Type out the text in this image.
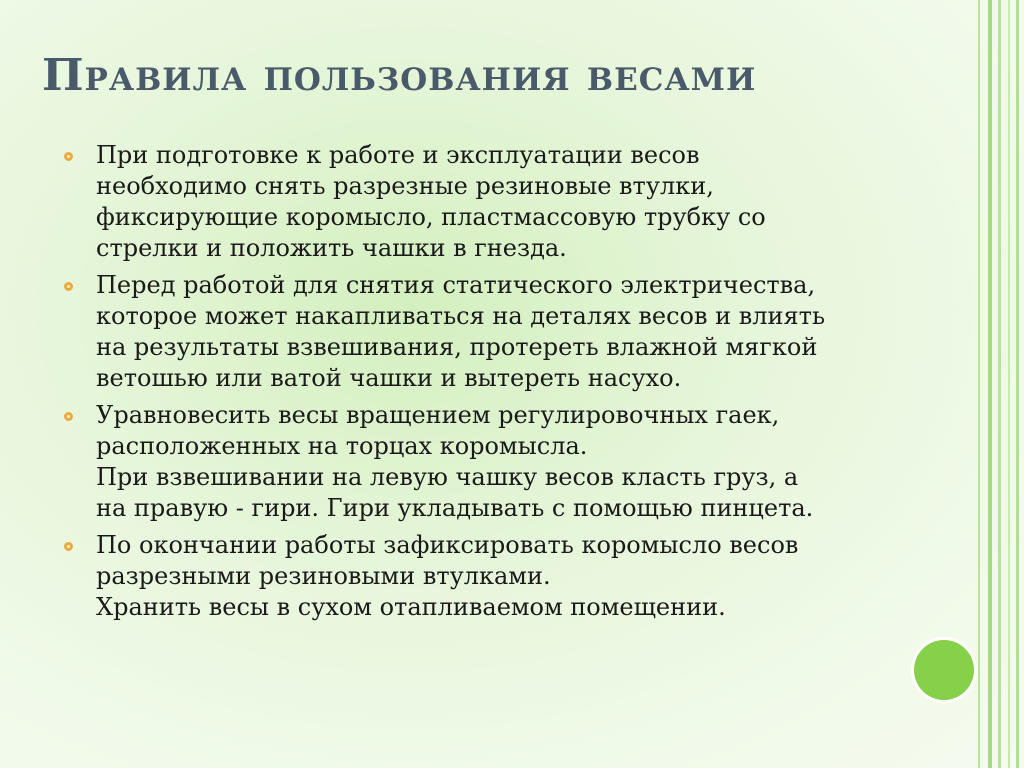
Правила пользования весами
При подготовке к работе и эксплуатации весов
необходимо снять разрезные резиновые втулки,
фиксирующие коромысло, пластмассовую трубку со
стрелки и положить чашки в гнезда.
Перед работой для снятия статического электричества,
которое может накапливаться на деталях весов и влиять
на результаты взвешивания, протереть влажной мягкой
ветошью или ватой чашки и вытереть насухо.
Уравновесить весы вращением регулировочных гаек,
расположенных на торцах коромысла.
При взвешивании на левую чашку весов класть груз, а
на правую - гири. Гири укладывать с помощью пинцета.
По окончании работы зафиксировать коромысло весов
разрезными резиновыми втулками.
Хранить весы в сухом отапливаемом помещении.
